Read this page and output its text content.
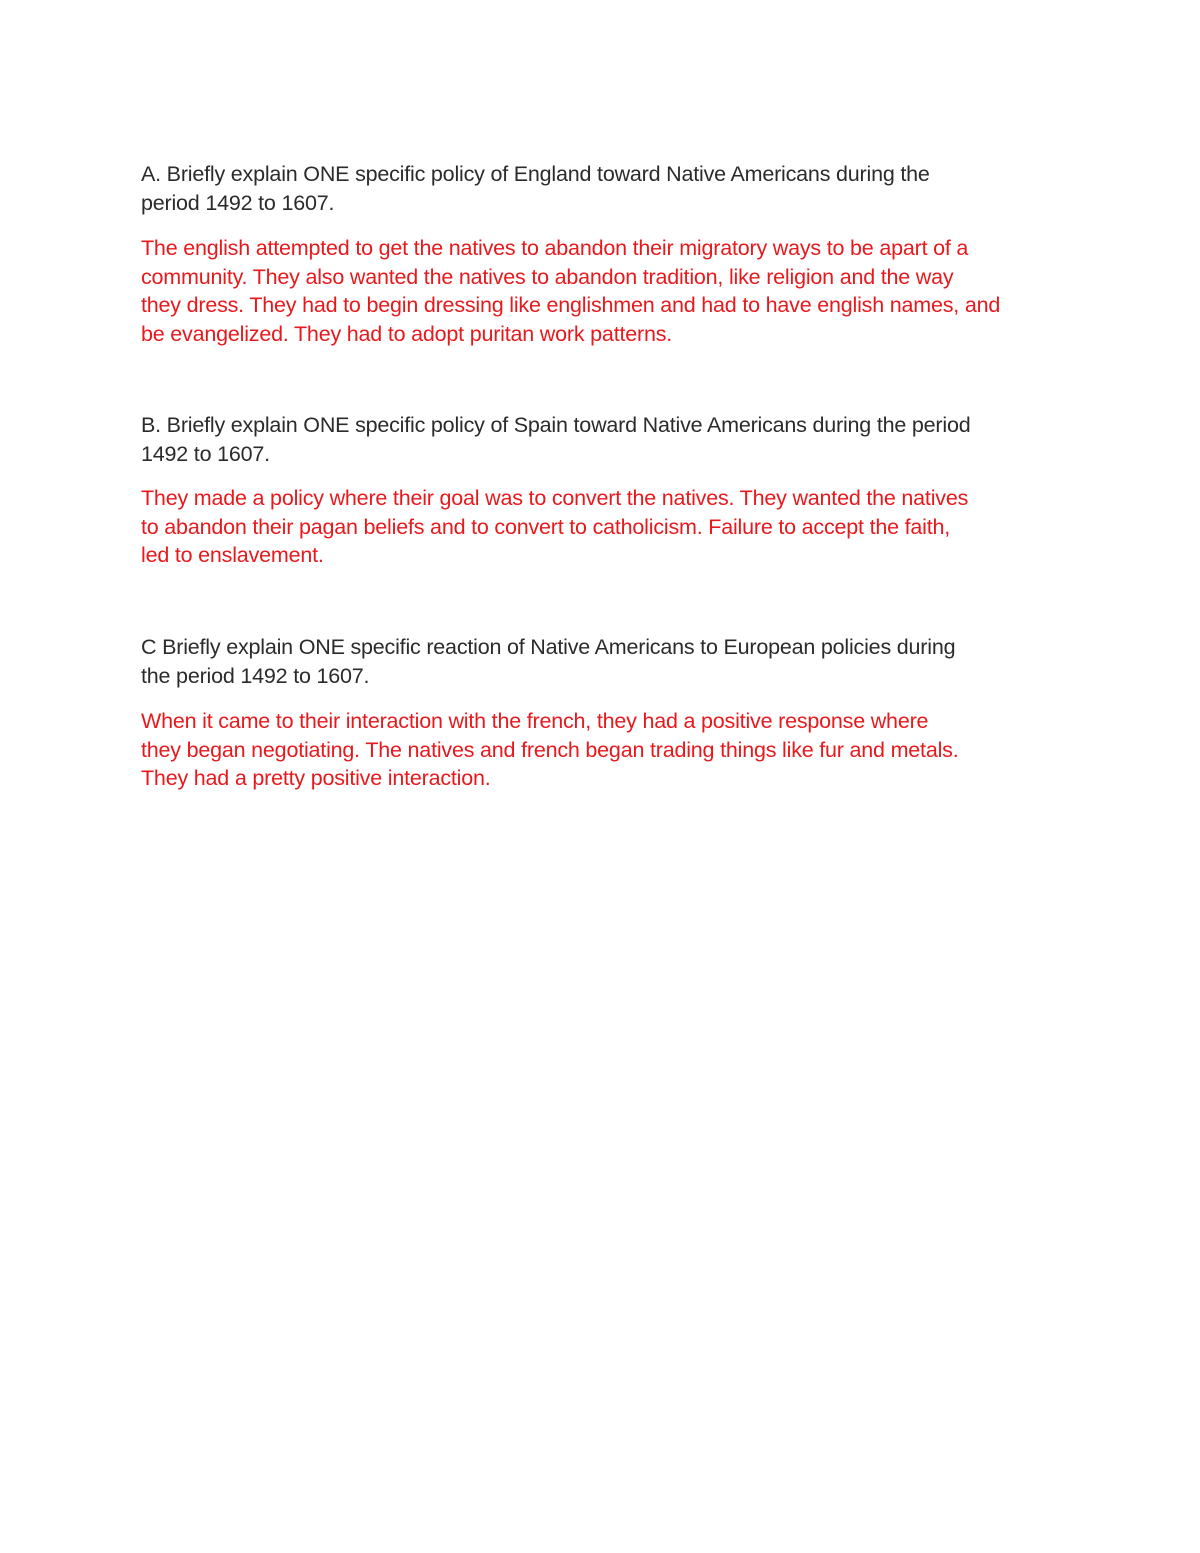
A. Briefly explain ONE specific policy of England toward Native Americans during the
period 1492 to 1607.

The english attempted to get the natives to abandon their migratory ways to be apart of a
community. They also wanted the natives to abandon tradition, like religion and the way
they dress. They had to begin dressing like englishmen and had to have english names, and
be evangelized. They had to adopt puritan work patterns.

B. Briefly explain ONE specific policy of Spain toward Native Americans during the period
1492 to 1607.

They made a policy where their goal was to convert the natives. They wanted the natives
to abandon their pagan beliefs and to convert to catholicism. Failure to accept the faith,
led to enslavement.

C Briefly explain ONE specific reaction of Native Americans to European policies during
the period 1492 to 1607.

When it came to their interaction with the french, they had a positive response where
they began negotiating. The natives and french began trading things like fur and metals.
They had a pretty positive interaction.
